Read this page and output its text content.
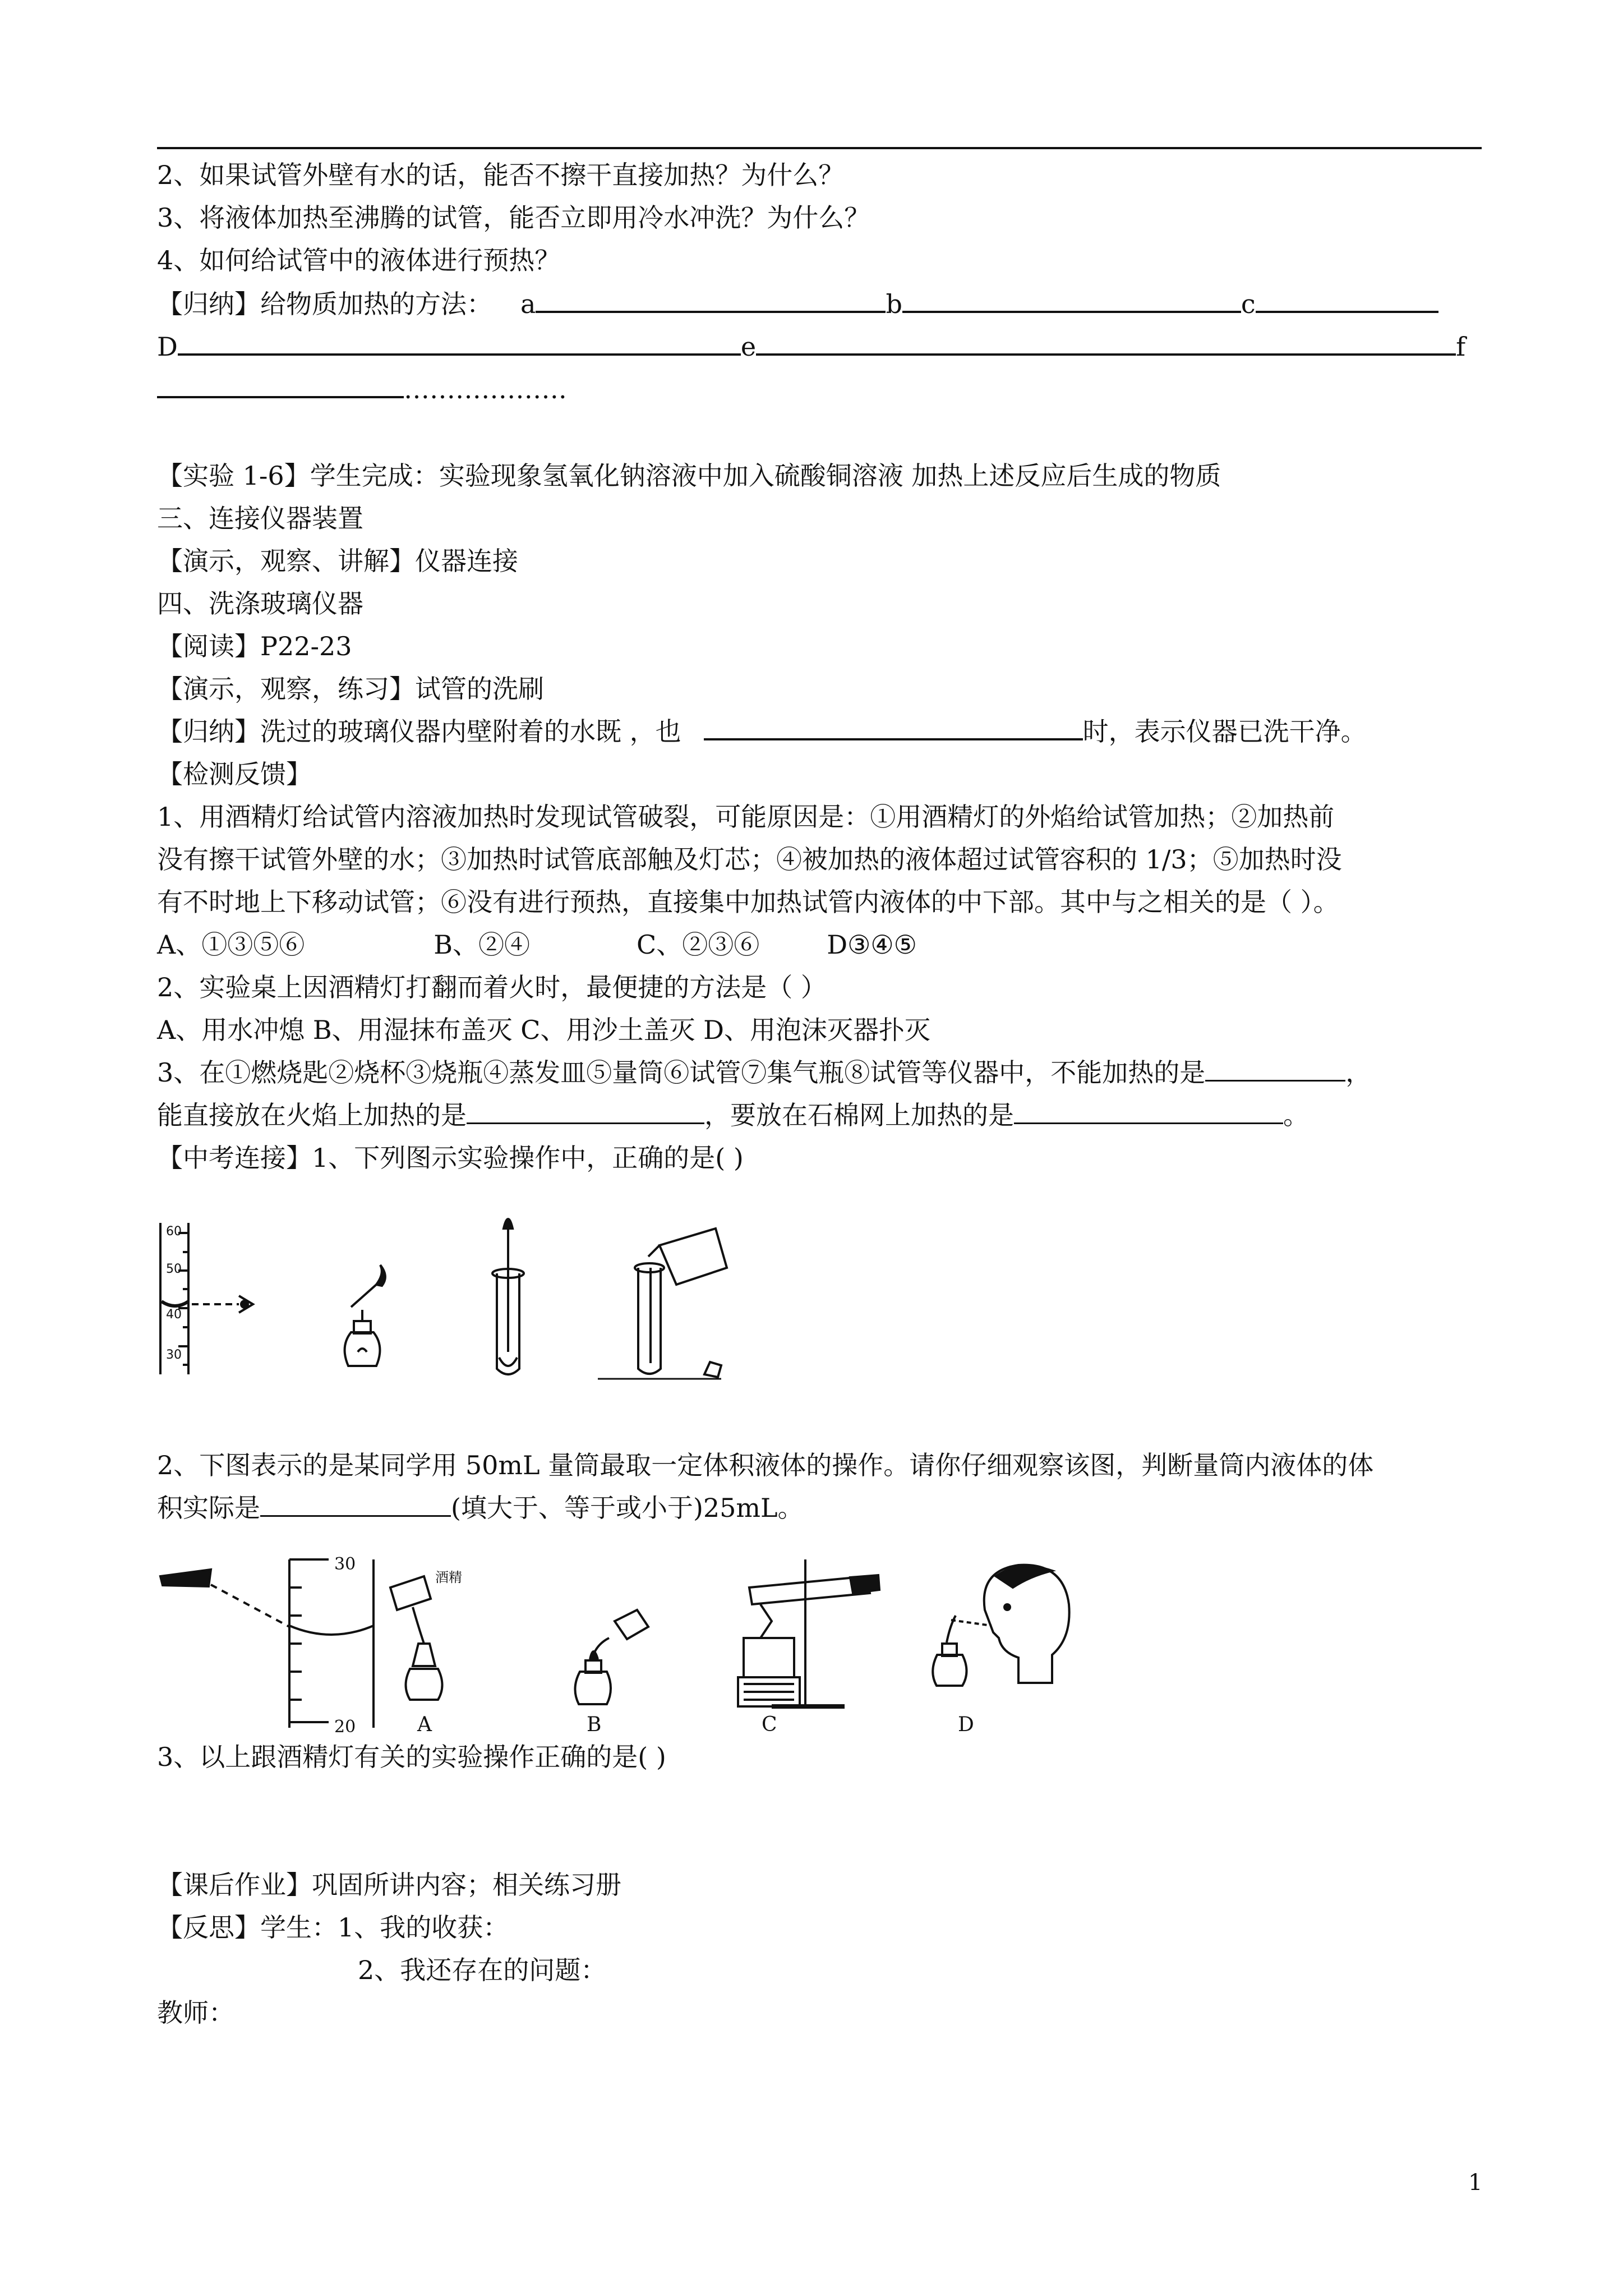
2、如果试管外壁有水的话，能否不擦干直接加热？为什么？
3、将液体加热至沸腾的试管，能否立即用冷水冲洗？为什么？
4、如何给试管中的液体进行预热？
【归纳】给物质加热的方法： a	b	c
D	e	f
……………….
【实验 1-6】学生完成：实验现象氢氧化钠溶液中加入硫酸铜溶液 加热上述反应后生成的物质
三、连接仪器装置
【演示，观察、讲解】仪器连接
四、洗涤玻璃仪器
【阅读】P22-23
【演示，观察，练习】试管的洗刷
【归纳】洗过的玻璃仪器内壁附着的水既 ，也	时，表示仪器已洗干净。
【检测反馈】
1、用酒精灯给试管内溶液加热时发现试管破裂，可能原因是：①用酒精灯的外焰给试管加热；②加热前
没有擦干试管外壁的水；③加热时试管底部触及灯芯；④被加热的液体超过试管容积的 1/3；⑤加热时没
有不时地上下移动试管；⑥没有进行预热，直接集中加热试管内液体的中下部。其中与之相关的是（ ）。
A、①③⑤⑥	B、②④	C、②③⑥	D③④⑤
2、实验桌上因酒精灯打翻而着火时，最便捷的方法是（ ）
A、用水冲熄 B、用湿抹布盖灭 C、用沙土盖灭 D、用泡沫灭器扑灭
3、在①燃烧匙②烧杯③烧瓶④蒸发皿⑤量筒⑥试管⑦集气瓶⑧试管等仪器中，不能加热的是	，
能直接放在火焰上加热的是	，要放在石棉网上加热的是	。
【中考连接】1、下列图示实验操作中，正确的是( )
60
50
40
30
2、下图表示的是某同学用 50mL 量筒最取一定体积液体的操作。请你仔细观察该图，判断量筒内液体的体
积实际是	(填大于、等于或小于)25mL。
30
20
酒精
A	B	C	D
3、以上跟酒精灯有关的实验操作正确的是( )
【课后作业】巩固所讲内容；相关练习册
【反思】学生：1、我的收获：
2、我还存在的问题：
教师：
1
